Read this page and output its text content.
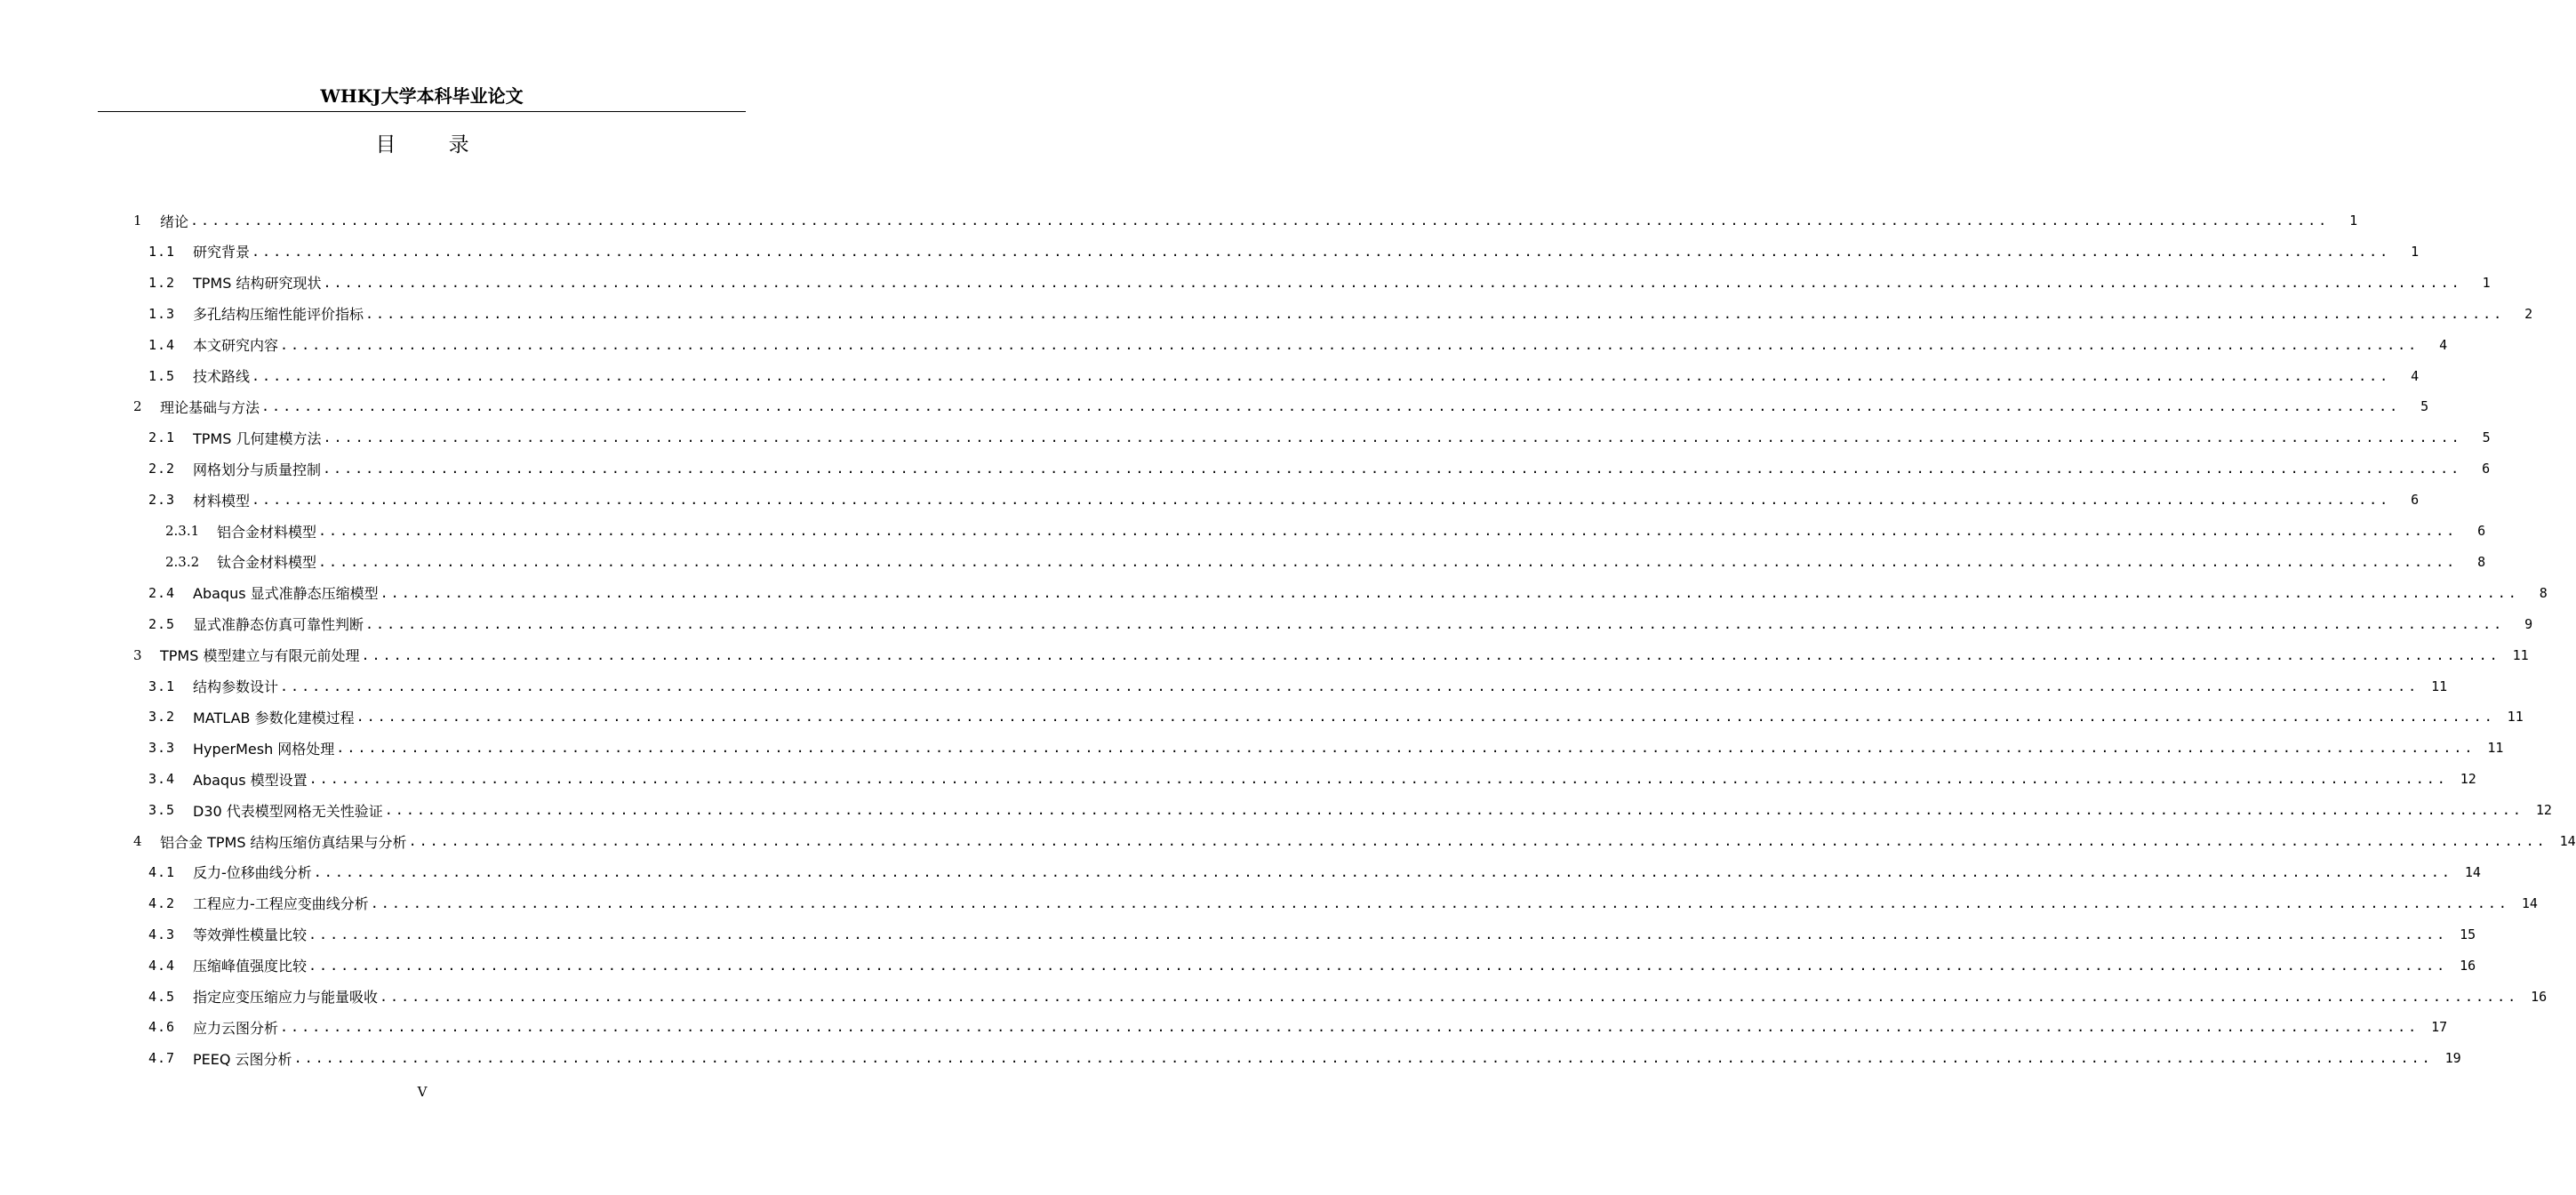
WHKJ大学本科毕业论文
目 录
1	绪论 ........................................................................................................................................................................................................	1
1.1	研究背景 ........................................................................................................................................................................................................	1
1.2	TPMS 结构研究现状 ........................................................................................................................................................................................................	1
1.3	多孔结构压缩性能评价指标 ........................................................................................................................................................................................................	2
1.4	本文研究内容 ........................................................................................................................................................................................................	4
1.5	技术路线 ........................................................................................................................................................................................................	4
2	理论基础与方法 ........................................................................................................................................................................................................	5
2.1	TPMS 几何建模方法 ........................................................................................................................................................................................................	5
2.2	网格划分与质量控制 ........................................................................................................................................................................................................	6
2.3	材料模型 ........................................................................................................................................................................................................	6
2.3.1	铝合金材料模型 ........................................................................................................................................................................................................	6
2.3.2	钛合金材料模型 ........................................................................................................................................................................................................	8
2.4	Abaqus 显式准静态压缩模型 ........................................................................................................................................................................................................	8
2.5	显式准静态仿真可靠性判断 ........................................................................................................................................................................................................	9
3	TPMS 模型建立与有限元前处理 ........................................................................................................................................................................................................ 11
3.1	结构参数设计 ........................................................................................................................................................................................................ 11
3.2	MATLAB 参数化建模过程 ........................................................................................................................................................................................................ 11
3.3	HyperMesh 网格处理 ........................................................................................................................................................................................................ 11
3.4	Abaqus 模型设置 ........................................................................................................................................................................................................ 12
3.5	D30 代表模型网格无关性验证 ........................................................................................................................................................................................................ 12
4	铝合金 TPMS 结构压缩仿真结果与分析 ........................................................................................................................................................................................................ 14
4.1	反力-位移曲线分析 ........................................................................................................................................................................................................ 14
4.2	工程应力-工程应变曲线分析 ........................................................................................................................................................................................................ 14
4.3	等效弹性模量比较 ........................................................................................................................................................................................................ 15
4.4	压缩峰值强度比较 ........................................................................................................................................................................................................ 16
4.5	指定应变压缩应力与能量吸收 ........................................................................................................................................................................................................ 16
4.6	应力云图分析 ........................................................................................................................................................................................................ 17
4.7	PEEQ 云图分析 ........................................................................................................................................................................................................ 19
V
